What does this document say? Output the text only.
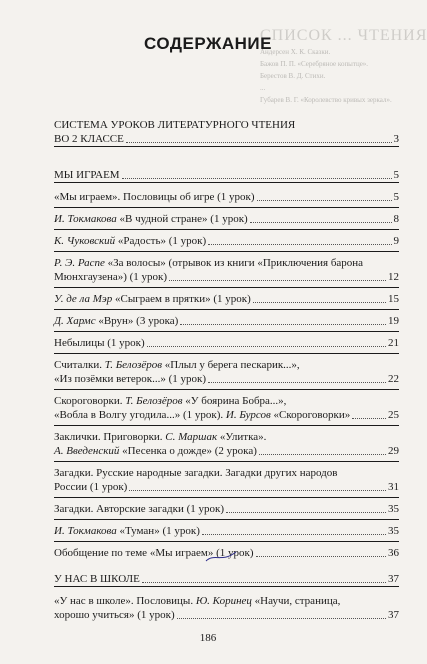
СПИСОК ... ЧТЕНИЯ
Андерсен Х. К. Сказки.
Бажов П. П. «Серебряное копытце».
Берестов В. Д. Стихи.
...
Губарев В. Г. «Королевство кривых зеркал».
СОДЕРЖАНИЕ
СИСТЕМА УРОКОВ ЛИТЕРАТУРНОГО ЧТЕНИЯ
ВО 2 КЛАССЕ	3
МЫ ИГРАЕМ	5
«Мы играем». Пословицы об игре (1 урок)	5
И. Токмакова «В чудной стране» (1 урок)	8
К. Чуковский «Радость» (1 урок)	9
Р. Э. Распе «За волосы» (отрывок из книги «Приключения барона
Мюнхгаузена») (1 урок)	12
У. де ла Мэр «Сыграем в прятки» (1 урок)	15
Д. Хармс «Врун» (3 урока)	19
Небылицы (1 урок)	21
Считалки. Т. Белозёров «Плыл у берега пескарик...»,
«Из позёмки ветерок...» (1 урок)	22
Скороговорки. Т. Белозёров «У боярина Бобра...»,
«Вобла в Волгу угодила...» (1 урок). И. Бурсов «Скороговорки»	25
Заклички. Приговорки. С. Маршак «Улитка».
А. Введенский «Песенка о дожде» (2 урока)	29
Загадки. Русские народные загадки. Загадки других народов
России (1 урок)	31
Загадки. Авторские загадки (1 урок)	35
И. Токмакова «Туман» (1 урок)	35
Обобщение по теме «Мы играем» (1 урок)	36
У НАС В ШКОЛЕ	37
«У нас в школе». Пословицы. Ю. Коринец «Научи, страница,
хорошо учиться» (1 урок)	37
186
